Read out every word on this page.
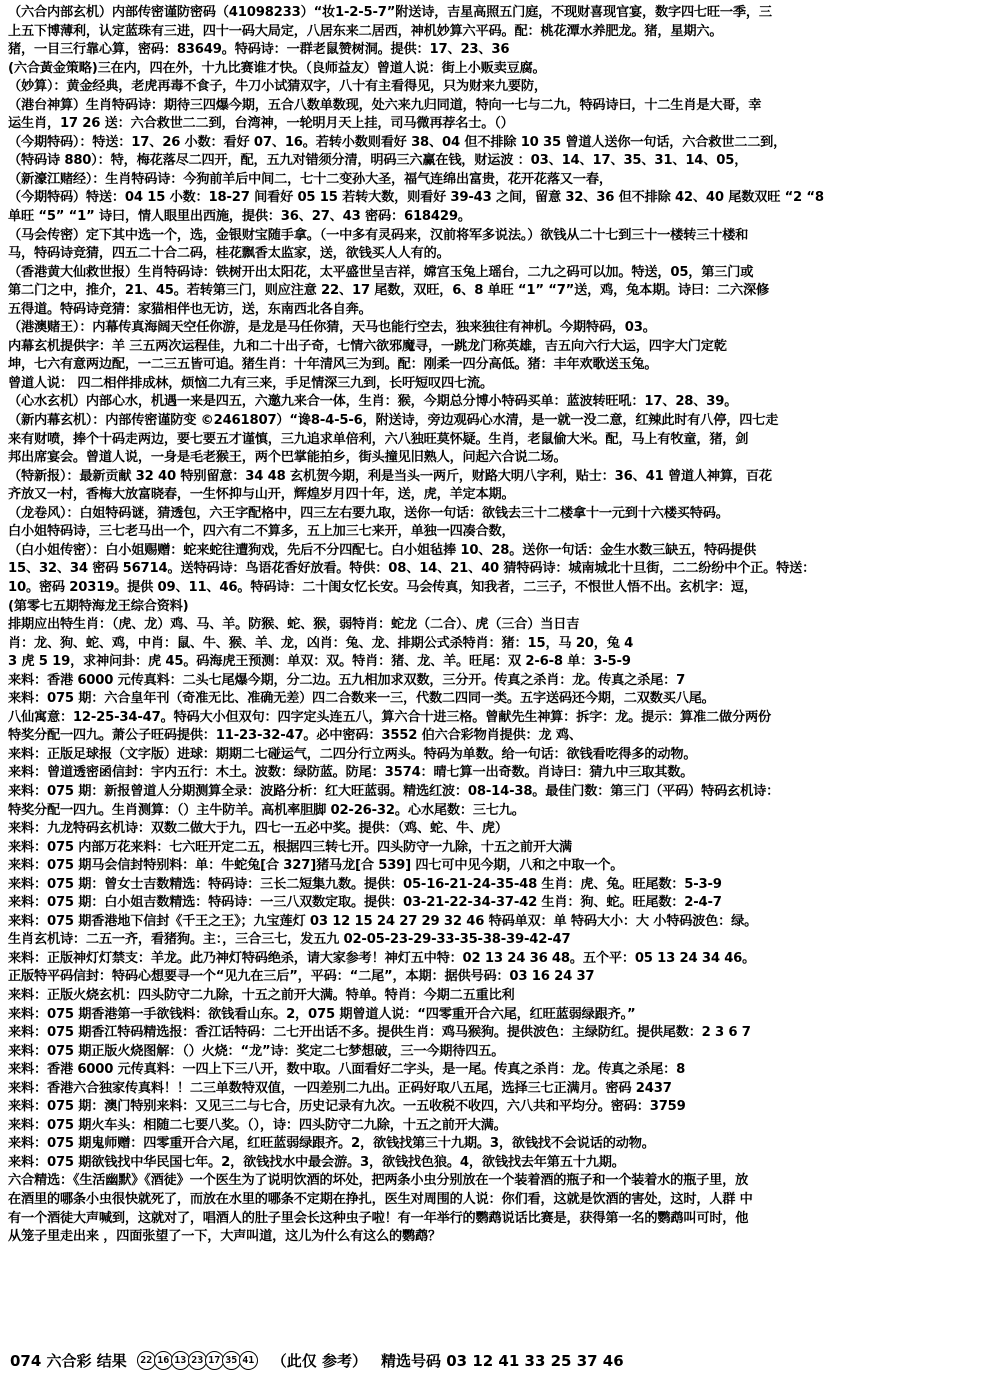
（六合内部玄机）内部传密谨防密码（41098233）“妆1-2-5-7”附送诗，吉星高照五门庭，不现财喜现官宴，数字四七旺一季，三
上五下博薄利，认定蓝珠有三进，四十一码大局定，八居东来二居西，神机妙算六平码。配：桃花潭水养肥龙。猪，星期六。
猪，一目三行靠心算，密码：83649。特码诗：一群老鼠赞树洞。提供：17、23、36
(六合黃金策略)三在内，四在外，十九比赛谁才快。（良师益友）曾道人说：街上小贩卖豆腐。
（妙算）：黄金经典，老虎再毒不食子，牛刀小试猜双字，八十有主看得见，只为财来九要防，
（港台神算）生肖特码诗：期待三四爆今期，五合八数单数现，处六来九归同道，特向一七与二九，特码诗曰，十二生肖是大哥，幸
运生肖，17 26 送：六合救世二二到，台湾神，一轮明月天上挂，司马微再荐名士。（）
（今期特码）：特送：17、26 小数：看好 07、16。若转小数则看好 38、04 但不排除 10 35 曾道人送你一句话，六合救世二二到，
（特码诗 880）：特，梅花落尽二四开，配，五九对错须分清，明码三六赢在钱，财运波 ：03、14、17、35、31、14、05，
（新濠江赌经）：生肖特码诗：今狗前羊后中间二，七十二变孙大圣，福气连绵出富贵，花开花落又一春，
（今期特码）特送：04 15 小数：18-27 间看好 05 15 若转大数，则看好 39-43 之间，留意 32、36 但不排除 42、40 尾数双旺 “2 “8
单旺 “5” “1” 诗曰，情人眼里出西施，提供：36、27、43 密码：618429。
（马会传密）定下其中选一个，选，金银财宝随手拿。（一中多有灵码来，汉前将军多说法。）欲钱从二十七到三十一楼转三十楼和
马，特码诗竞猜，四五二十合二码，桂花飘香太监家，送，欲钱买人人有的。
（香港黄大仙救世报）生肖特码诗：铁树开出太阳花，太平盛世呈吉祥，嫦宫玉兔上瑶台，二九之码可以加。特送，05，第三门或
第二门之中，推介，21、45。若转第三门，则应注意 22、17 尾数，双旺，6、8 单旺 “1” “7”送，鸡，兔本期。诗曰：二六深修
五得道。特码诗竞猜：家猫相伴也无访，送，东南西北各自奔。
（港澳赌王）：内幕传真海阔天空任你游，是龙是马任你猜，天马也能行空去，独来独往有神机。今期特码，03。
内幕玄机提供字：羊 三五两次运程佳，九和二十出子奇，七情六欲邪魔寻，一跳龙门称英雄，吉五向六行大运，四字大门定乾
坤，七六有意两边配，一二三五皆可追。猪生肖：十年清风三为到。配：刚柔一四分高低。猪：丰年欢歌送玉兔。
曾道人说： 四二相伴排成林，烦恼二九有三来，手足情深三九到，长吁短叹四七流。
（心水玄机）内部心水，机遇一来是四五，六邀九来合一体，生肖：猴，今期总分博小特码买单：蓝波转旺吼：17、28、39。
（新内幕玄机）：内部传密谨防变 ©2461807）“谗8-4-5-6，附送诗，旁边观码心水清，是一就一没二意，红辣此时有八停，四七走
来有财喷，捧个十码走两边，要七要五才谨慎，三九追求单倍利，六八独旺莫怀疑。生肖，老鼠偷大米。配，马上有牧童，猪，剑
邦出席宴会。曾道人说，一身是毛老猴王，两个巴掌能拍乡，街头撞见旧熟人，问起六合说二场。
（特新报）：最新贡献 32 40 特别留意：34 48 玄机贺今期，利是当头一两斤，财路大明八字利，贴士：36、41 曾道人神算，百花
齐放又一村，香梅大放富晓春，一生怀抑与山开，辉煌岁月四十年，送，虎，羊定本期。
（龙卷风）：白姐特码谜，猜透包，六王字配格中，四三左右要九取，送你一句话：欲钱去三十二楼拿十一元到十六楼买特码。
白小姐特码诗，三七老马出一个，四六有二不算多，五上加三七来开，单独一四凑合数，
（白小姐传密）：白小姐赐赠：蛇来蛇往遭狗戏，先后不分四配七。白小姐毡捧 10、28。送你一句话：金生水数三缺五，特码提供
15、32、34 密码 56714。送特码诗：鸟语花香好放看。特供：08、14、21、40 猜特码诗：城南城北十旦街，二二纷纷中个正。特送：
10。密码 20319。提供 09、11、46。特码诗：二十闺女忆长安。马会传真，知我者，二三子，不恨世人悟不出。玄机字：逗，
(第零七五期特海龙王综合资料)
排期应出特生肖：（虎、龙）鸡、马、羊。防猴、蛇、猴，弱特肖：蛇龙（二合）、虎（三合）当日吉
肖：龙、狗、蛇、鸡，中肖：鼠、牛、猴、羊、龙，凶肖：兔、龙、排期公式杀特肖：猪：15，马 20，兔 4
3 虎 5 19，求神问卦：虎 45。码海虎王预测：单双：双。特肖：猪、龙、羊。旺尾：双 2-6-8 单：3-5-9
来料：香港 6000 元传真料：二头七尾爆今期，分二边。五九相加求双数，三分开。传真之杀肖：龙。传真之杀尾：7
来料：075 期：六合皇年刊（奇准无比、准确无差）四二合数来一三，代数二四同一类。五字送码还今期，二双数买八尾。
八仙寓意：12-25-34-47。特码大小但双句：四字定头连五八，算六合十进三格。曾献先生神算：拆字：龙。提示：算准二做分两份
特奖分配一四九。萧公子旺码提供：11-23-32-47。必中密码：3552 伯六合彩物肖提供：龙 鸡、
来料：正版足球报（文字版）进球：期期二七碰运气，二四分行立两头。特码为单数。给一句话：欲钱看吃得多的动物。
来料：曾道透密函信封：宇内五行：木土。波数：绿防蓝。防尾：3574：晴七算一出奇数。肖诗曰：猜九中三取其数。
来料：075 期：新报曾道人分期测算全录：波路分析：红大旺蓝弱。精选红波：08-14-38。最佳门数：第三门（平码）特码玄机诗：
特奖分配一四九。生肖测算：（）主牛防羊。高机率胆脚 02-26-32。心水尾数：三七九。
来料：九龙特码玄机诗：双数二做大于九，四七一五必中奖。提供：（鸡、蛇、牛、虎）
来料：075 内部万花来料：七六旺开定二五，根据四三转七开。四头防守一九除，十五之前开大满
来料：075 期马会信封特别料：单：牛蛇兔[合 327]猪马龙[合 539] 四七可中见今期，八和之中取一个。
来料：075 期：曾女士吉数精选：特码诗：三长二短集九数。提供：05-16-21-24-35-48 生肖：虎、兔。旺尾数：5-3-9
来料：075 期：白小姐吉数精选：特码诗：一三八双数定取。提供：03-21-22-34-37-42 生肖：狗、蛇。旺尾数：2-4-7
来料：075 期香港地下信封《千王之王》；九宝莲灯 03 12 15 24 27 29 32 46 特码单双：单 特码大小：大 小特码波色：绿。
生肖玄机诗：二五一齐，看猪狗。主：，三合三七，发五九 02-05-23-29-33-35-38-39-42-47
来料：正版神灯灯禁支：羊龙。此乃神灯特码绝杀，请大家参考！神灯五中特：02 13 24 36 48。五个平：05 13 24 34 46。
正版特平码信封：特码心想要寻一个“见九在三后”，平码：“二尾”，本期：据供号码：03 16 24 37
来料：正版火烧玄机：四头防守二九除，十五之前开大满。特单。特肖：今期二五重比利
来料：075 期香港第一手欲钱料：欲钱看山东。2，075 期曾道人说：“四零重开合六尾，红旺蓝弱绿跟齐。”
来料：075 期香江特码精选报：香江话特码：二七开出话不多。提供生肖：鸡马猴狗。提供波色：主绿防红。提供尾数：2 3 6 7
来料：075 期正版火烧图解：（）火烧：“龙”诗：奖定二七梦想破，三一今期待四五。
来料：香港 6000 元传真料：一四上下三八开，数中取。八面看好二字头，是一尾。传真之杀肖：龙。传真之杀尾：8
来料：香港六合独家传真料！！二三单数特双值，一四差别二九出。正码好取八五尾，选择三七正满月。密码 2437
来料：075 期：澳门特别来料：又见三二与七合，历史记录有九次。一五收税不收四，六八共和平均分。密码：3759
来料：075 期火车头：相随二七要八奖。（），诗：四头防守二九除，十五之前开大满。
来料：075 期鬼师赠：四零重开合六尾，红旺蓝弱绿跟齐。2，欲钱找第三十九期。3，欲钱找不会说话的动物。
来料：075 期欲钱找中华民国七年。2，欲钱找水中最会游。3，欲钱找色狼。4，欲钱找去年第五十九期。
六合精选：《生活幽默》《酒徒》一个医生为了说明饮酒的坏处，把两条小虫分别放在一个装着酒的瓶子和一个装着水的瓶子里，放
在酒里的哪条小虫很快就死了，而放在水里的哪条不定期在挣扎，医生对周围的人说：你们看，这就是饮酒的害处，这时，人群 中
有一个酒徒大声喊到，这就对了，唱酒人的肚子里会长这种虫子啦！有一年举行的鹦鹉说话比赛是，获得第一名的鹦鹉叫可时，他
从笼子里走出来 ，四面张望了一下，大声叫道，这儿为什么有这么的鹦鹉？
074 六合彩 结果	22 16 13 23 17 35 41 （此仅 参考） 精选号码 03 12 41 33 25 37 46
